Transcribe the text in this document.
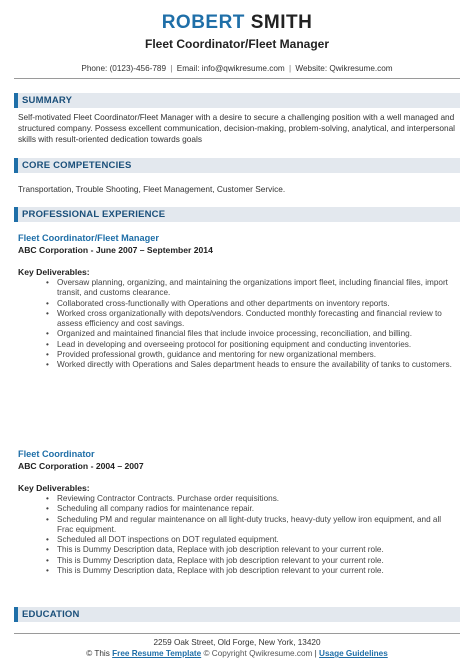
ROBERT SMITH
Fleet Coordinator/Fleet Manager
Phone: (0123)-456-789 | Email: info@qwikresume.com | Website: Qwikresume.com
SUMMARY
Self-motivated Fleet Coordinator/Fleet Manager with a desire to secure a challenging position with a well managed and structured company. Possess excellent communication, decision-making, problem-solving, analytical, and interpersonal skills with result-oriented dedication towards goals
CORE COMPETENCIES
Transportation, Trouble Shooting, Fleet Management, Customer Service.
PROFESSIONAL EXPERIENCE
Fleet Coordinator/Fleet Manager
ABC Corporation - June 2007 – September 2014
Key Deliverables:
• Oversaw planning, organizing, and maintaining the organizations import fleet, including financial files, import transit, and customs clearance.
• Collaborated cross-functionally with Operations and other departments on inventory reports.
• Worked cross organizationally with depots/vendors. Conducted monthly forecasting and financial review to assess efficiency and cost savings.
• Organized and maintained financial files that include invoice processing, reconciliation, and billing.
• Lead in developing and overseeing protocol for positioning equipment and conducting inventories.
• Provided professional growth, guidance and mentoring for new organizational members.
• Worked directly with Operations and Sales department heads to ensure the availability of tanks to customers.
Fleet Coordinator
ABC Corporation - 2004 – 2007
Key Deliverables:
• Reviewing Contractor Contracts. Purchase order requisitions.
• Scheduling all company radios for maintenance repair.
• Scheduling PM and regular maintenance on all light-duty trucks, heavy-duty yellow iron equipment, and all Frac equipment.
• Scheduled all DOT inspections on DOT regulated equipment.
• This is Dummy Description data, Replace with job description relevant to your current role.
• This is Dummy Description data, Replace with job description relevant to your current role.
• This is Dummy Description data, Replace with job description relevant to your current role.
EDUCATION
2259 Oak Street, Old Forge, New York, 13420
© This Free Resume Template © Copyright Qwikresume.com | Usage Guidelines
